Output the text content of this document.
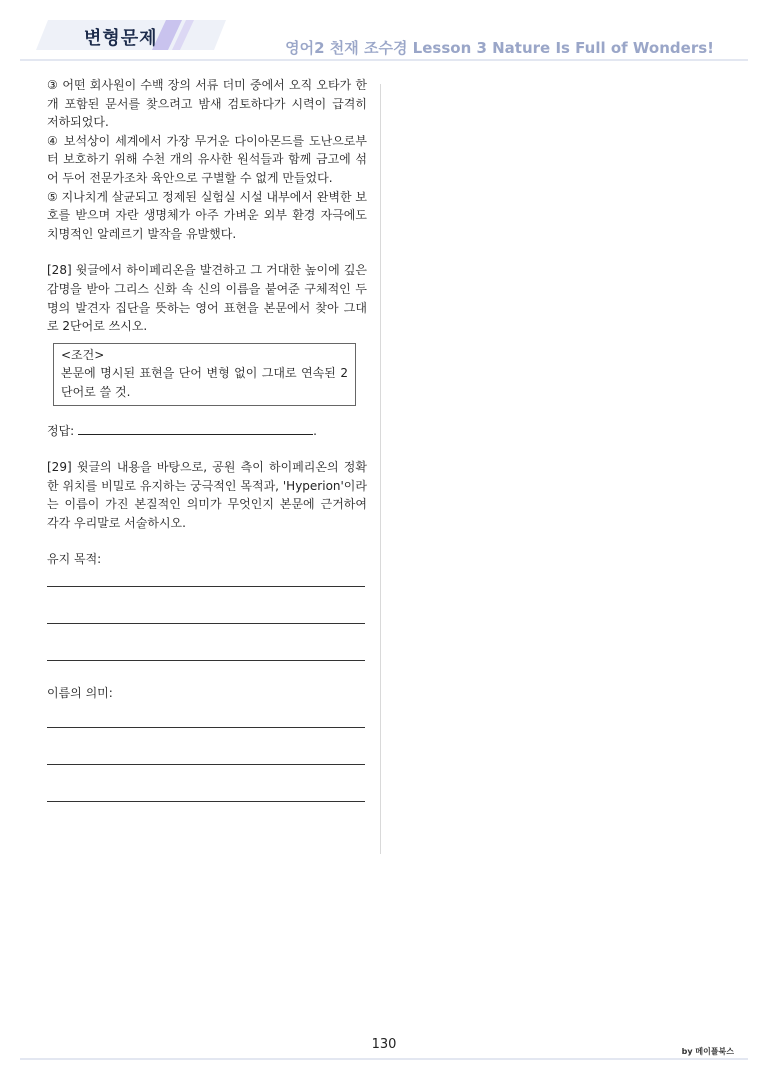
변형문제	영어2 천재 조수경 Lesson 3 Nature Is Full of Wonders!

③ 어떤 회사원이 수백 장의 서류 더미 중에서 오직 오타가 한 개 포함된 문서를 찾으려고 밤새 검토하다가 시력이 급격히 저하되었다.

④ 보석상이 세계에서 가장 무거운 다이아몬드를 도난으로부터 보호하기 위해 수천 개의 유사한 원석들과 함께 금고에 섞어 두어 전문가조차 육안으로 구별할 수 없게 만들었다.

⑤ 지나치게 살균되고 정제된 실험실 시설 내부에서 완벽한 보호를 받으며 자란 생명체가 아주 가벼운 외부 환경 자극에도 치명적인 알레르기 발작을 유발했다.

[28] 윗글에서 하이페리온을 발견하고 그 거대한 높이에 깊은 감명을 받아 그리스 신화 속 신의 이름을 붙여준 구체적인 두 명의 발견자 집단을 뜻하는 영어 표현을 본문에서 찾아 그대로 2단어로 쓰시오.

<조건>

본문에 명시된 표현을 단어 변형 없이 그대로 연속된 2단어로 쓸 것.

정답:	.

[29] 윗글의 내용을 바탕으로, 공원 측이 하이페리온의 정확한 위치를 비밀로 유지하는 궁극적인 목적과, 'Hyperion'이라는 이름이 가진 본질적인 의미가 무엇인지 본문에 근거하여 각각 우리말로 서술하시오.

유지 목적:

이름의 의미:

130	by 메이플북스
